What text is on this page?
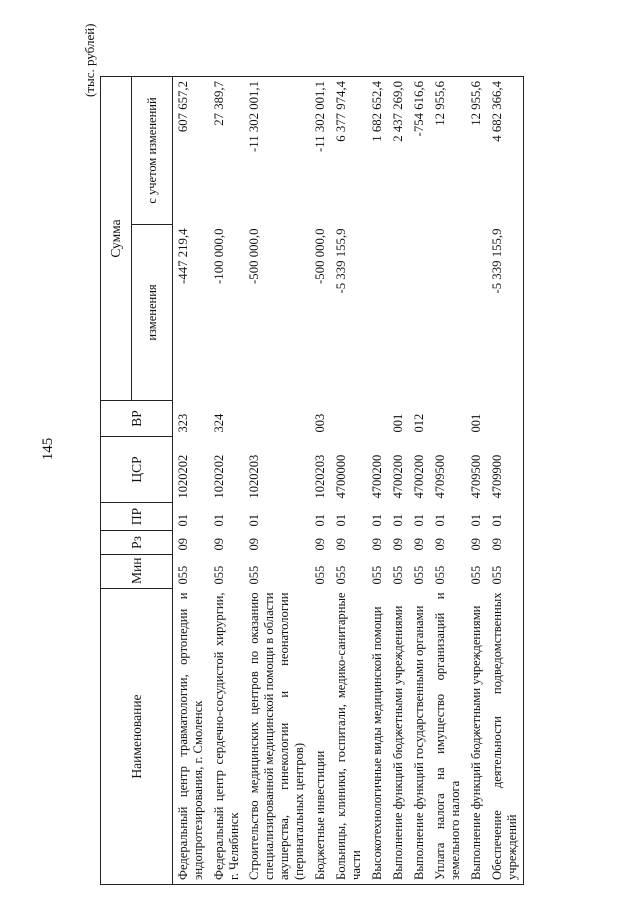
145
(тыс. рублей)
Наименование	Мин	Рз	ПР	ЦСР	ВР	Сумма	
						изменения	с учетом изменений
Федеральный центр травматологии, ортопедии и эндопротезирования, г. Смоленск	055	09	01	1020202	323	-447 219,4	607 657,2
Федеральный центр сердечно-сосудистой хирургии, г. Челябинск	055	09	01	1020202	324	-100 000,0	27 389,7
Строительство медицинских центров по оказанию специализированной медицинской помощи в области акушерства, гинекологии и неонатологии (перинатальных центров)	055	09	01	1020203		-500 000,0	-11 302 001,1
Бюджетные инвестиции	055	09	01	1020203	003	-500 000,0	-11 302 001,1
Больницы, клиники, госпитали, медико-санитарные части	055	09	01	4700000		-5 339 155,9	6 377 974,4
Высокотехнологичные виды медицинской помощи	055	09	01	4700200			1 682 652,4
Выполнение функций бюджетными учреждениями	055	09	01	4700200	001		2 437 269,0
Выполнение функций государственными органами	055	09	01	4700200	012		-754 616,6
Уплата налога на имущество организаций и земельного налога	055	09	01	4709500			12 955,6
Выполнение функций бюджетными учреждениями	055	09	01	4709500	001		12 955,6
Обеспечение деятельности подведомственных учреждений	055	09	01	4709900		-5 339 155,9	4 682 366,4
